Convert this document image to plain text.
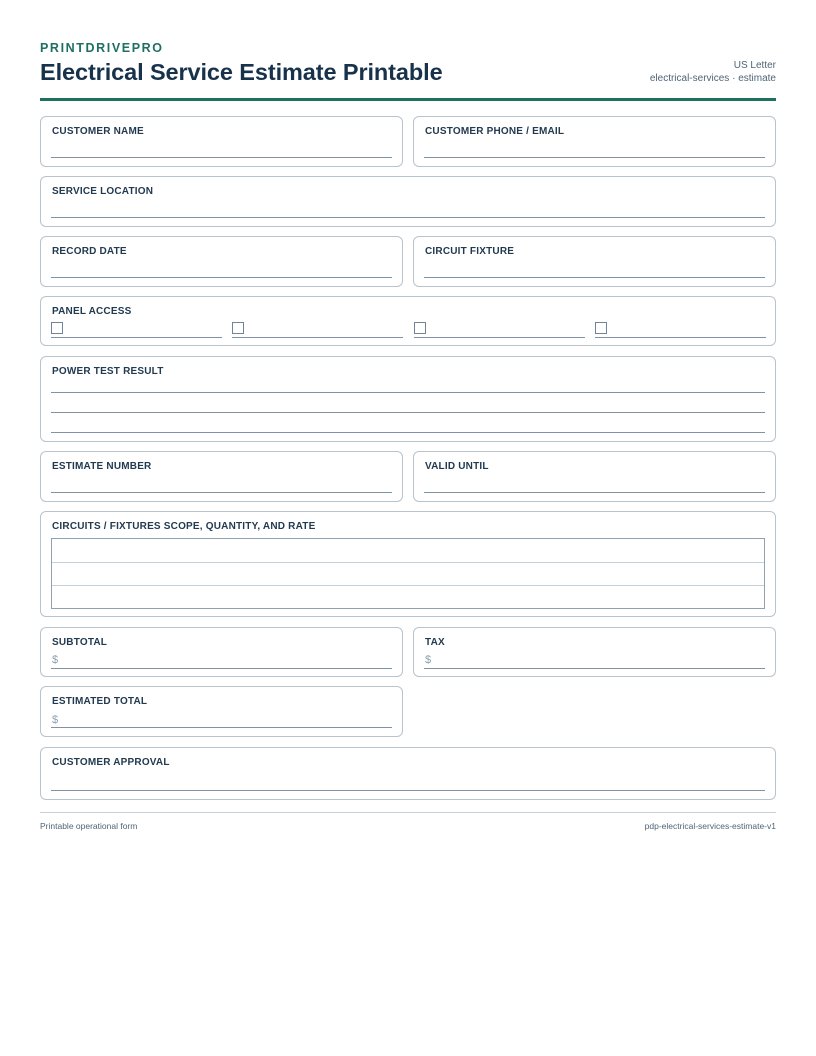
PRINTDRIVEPRO
Electrical Service Estimate Printable	US Letter
electrical-services · estimate
CUSTOMER NAME	CUSTOMER PHONE / EMAIL
SERVICE LOCATION
RECORD DATE	CIRCUIT FIXTURE
PANEL ACCESS
POWER TEST RESULT
ESTIMATE NUMBER	VALID UNTIL
CIRCUITS / FIXTURES SCOPE, QUANTITY, AND RATE
SUBTOTAL
$
TAX
$
ESTIMATED TOTAL
$
CUSTOMER APPROVAL
Printable operational form	pdp-electrical-services-estimate-v1
